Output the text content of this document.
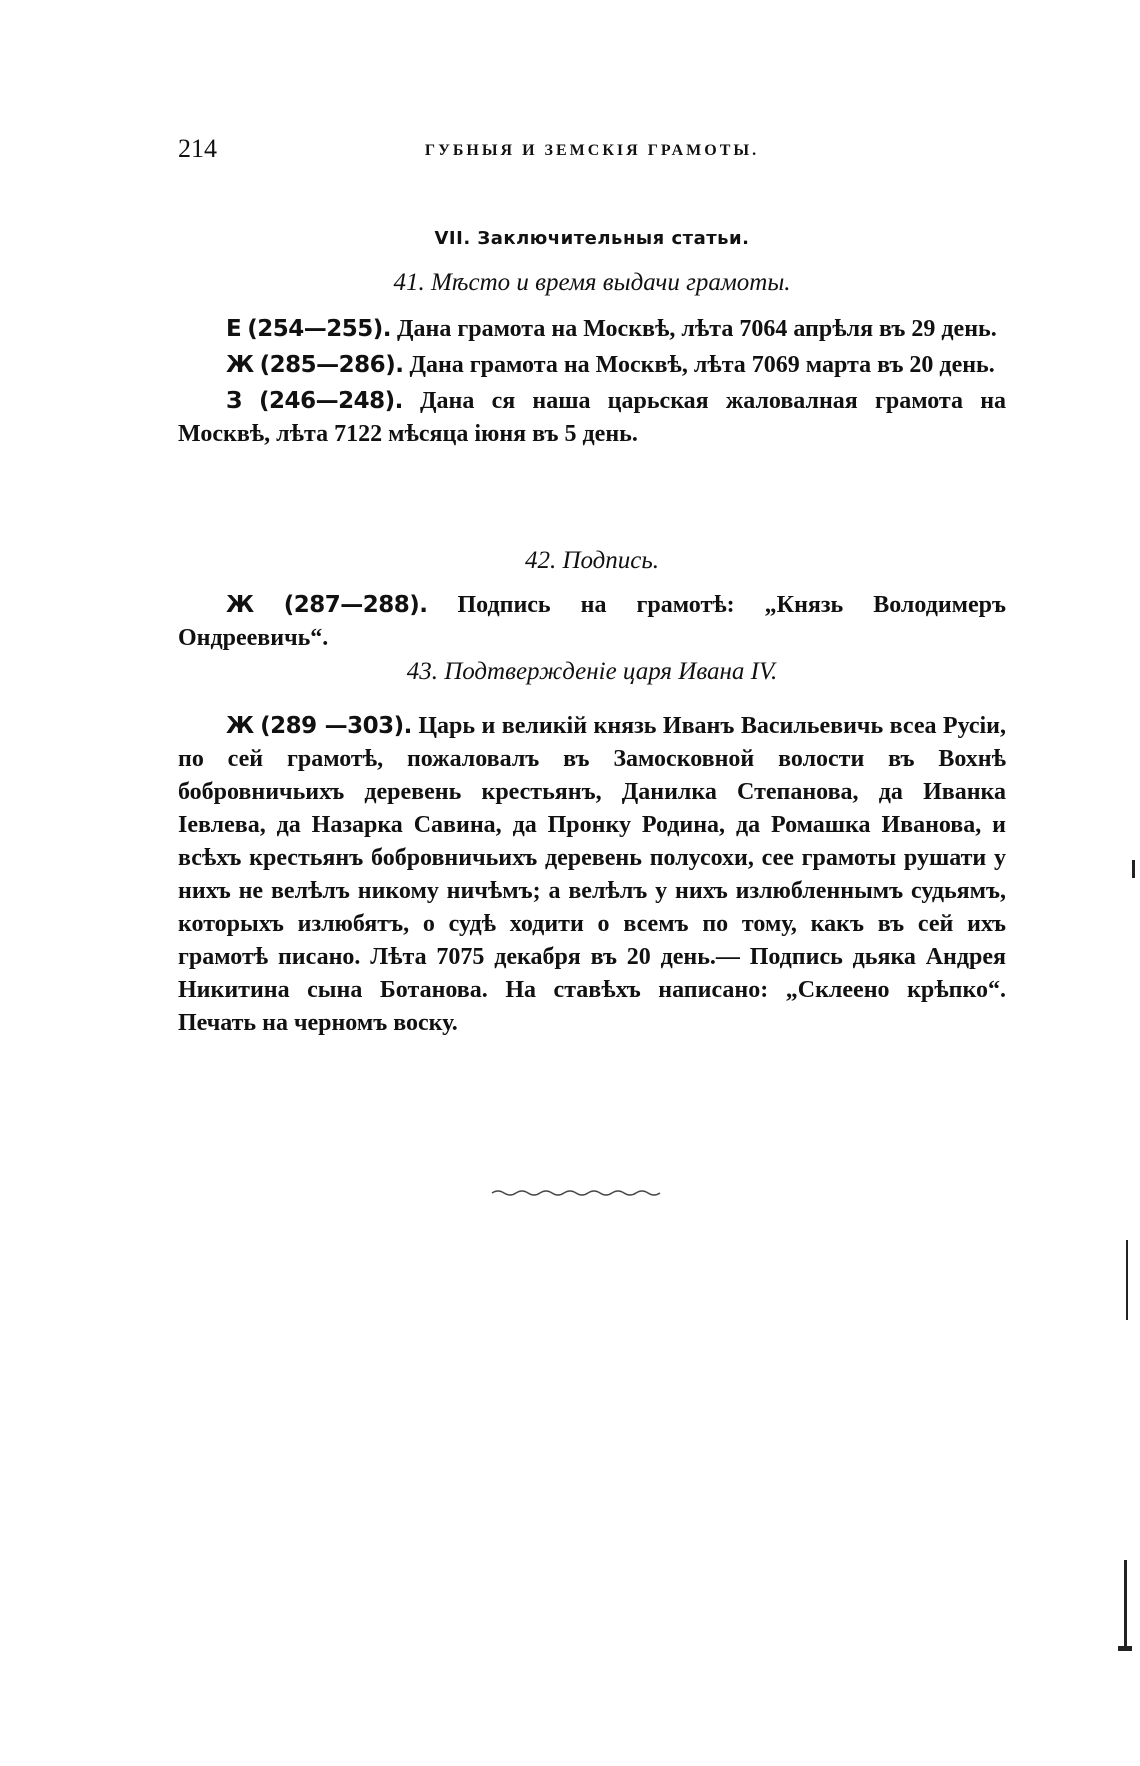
214	ГУБНЫЯ И ЗЕМСКІЯ ГРАМОТЫ.
VII. Заключительныя статьи.

41. Мѣсто и время выдачи грамоты.

Е (254—255). Дана грамота на Москвѣ, лѣта 7064 апрѣля въ 29 день.

Ж (285—286). Дана грамота на Москвѣ, лѣта 7069 марта въ 20 день.

З (246—248). Дана ся наша царьская жаловалная грамота на Москвѣ, лѣта 7122 мѣсяца іюня въ 5 день.

42. Подпись.

Ж (287—288). Подпись на грамотѣ: „Князь Володимеръ Ондреевичь“.

43. Подтвержденіе царя Ивана IV.

Ж (289 —303). Царь и великій князь Иванъ Васильевичь всеа Русіи, по сей грамотѣ, пожаловалъ въ Замосковной волости въ Вохнѣ бобровничьихъ деревень крестьянъ, Данилка Степанова, да Иванка Іевлева, да Назарка Савина, да Пронку Родина, да Ромашка Иванова, и всѣхъ крестьянъ бобровничьихъ деревень полусохи, сее грамоты рушати у нихъ не велѣлъ никому ничѣмъ; а велѣлъ у нихъ излюбленнымъ судьямъ, которыхъ излюбятъ, о судѣ ходити о всемъ по тому, какъ въ сей ихъ грамотѣ писано. Лѣта 7075 декабря въ 20 день.— Подпись дьяка Андрея Никитина сына Ботанова. На ставѣхъ написано: „Склеено крѣпко“. Печать на черномъ воску.
